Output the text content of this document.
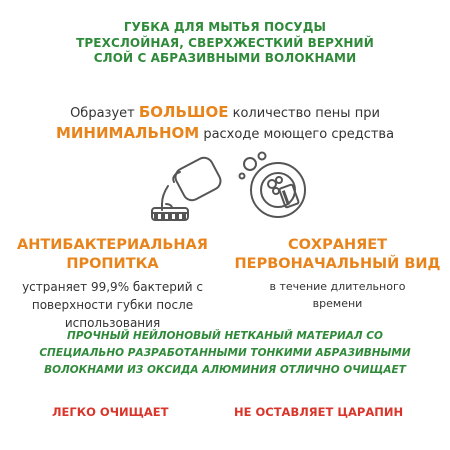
ГУБКА ДЛЯ МЫТЬЯ ПОСУДЫ
ТРЕХСЛОЙНАЯ, СВЕРХЖЕСТКИЙ ВЕРХНИЙ
СЛОЙ С АБРАЗИВНЫМИ ВОЛОКНАМИ
Образует БОЛЬШОЕ количество пены при
МИНИМАЛЬНОМ расходе моющего средства
АНТИБАКТЕРИАЛЬНАЯ
ПРОПИТКА
устраняет 99,9% бактерий с
поверхности губки после
использования
СОХРАНЯЕТ
ПЕРВОНАЧАЛЬНЫЙ ВИД
в течение длительного
времени
ПРОЧНЫЙ НЕЙЛОНОВЫЙ НЕТКАНЫЙ МАТЕРИАЛ СО
СПЕЦИАЛЬНО РАЗРАБОТАННЫМИ ТОНКИМИ АБРАЗИВНЫМИ
ВОЛОКНАМИ ИЗ ОКСИДА АЛЮМИНИЯ ОТЛИЧНО ОЧИЩАЕТ
ЛЕГКО ОЧИЩАЕТ	НЕ ОСТАВЛЯЕТ ЦАРАПИН
